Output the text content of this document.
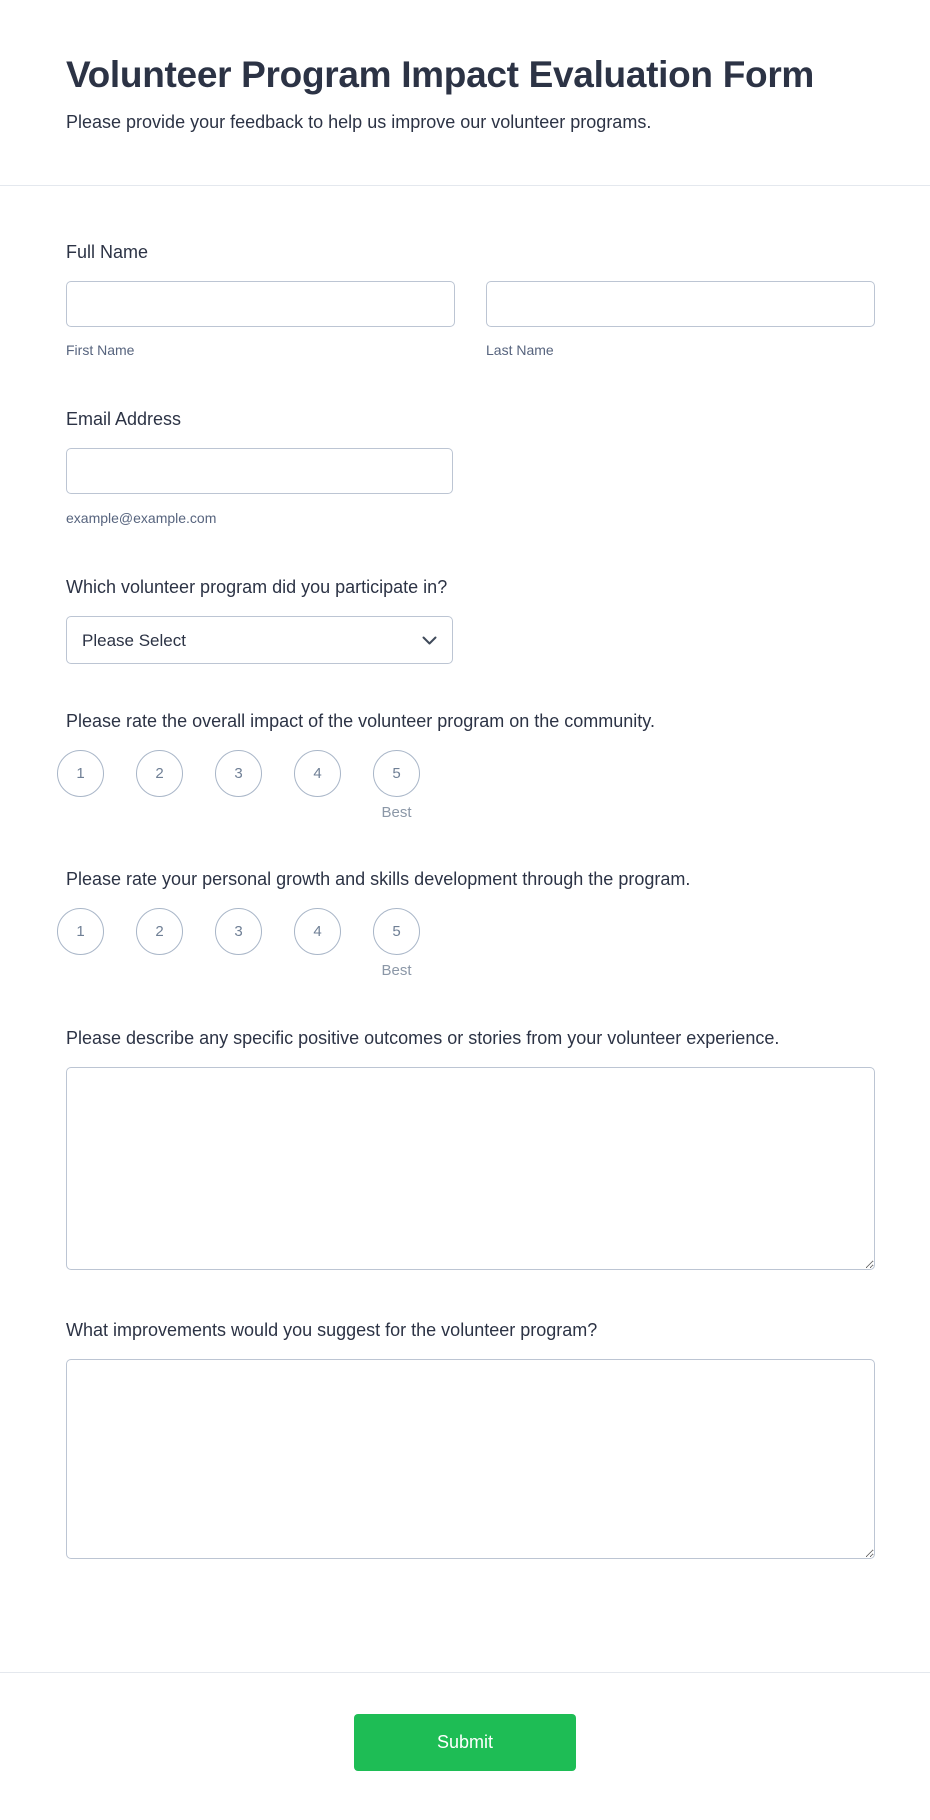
Volunteer Program Impact Evaluation Form
Please provide your feedback to help us improve our volunteer programs.
Full Name
First Name	Last Name
Email Address
example@example.com
Which volunteer program did you participate in?
Please Select
Please rate the overall impact of the volunteer program on the community.
1	2	3	4	5
Best
Please rate your personal growth and skills development through the program.
1	2	3	4	5
Best
Please describe any specific positive outcomes or stories from your volunteer experience.
What improvements would you suggest for the volunteer program?
Submit
